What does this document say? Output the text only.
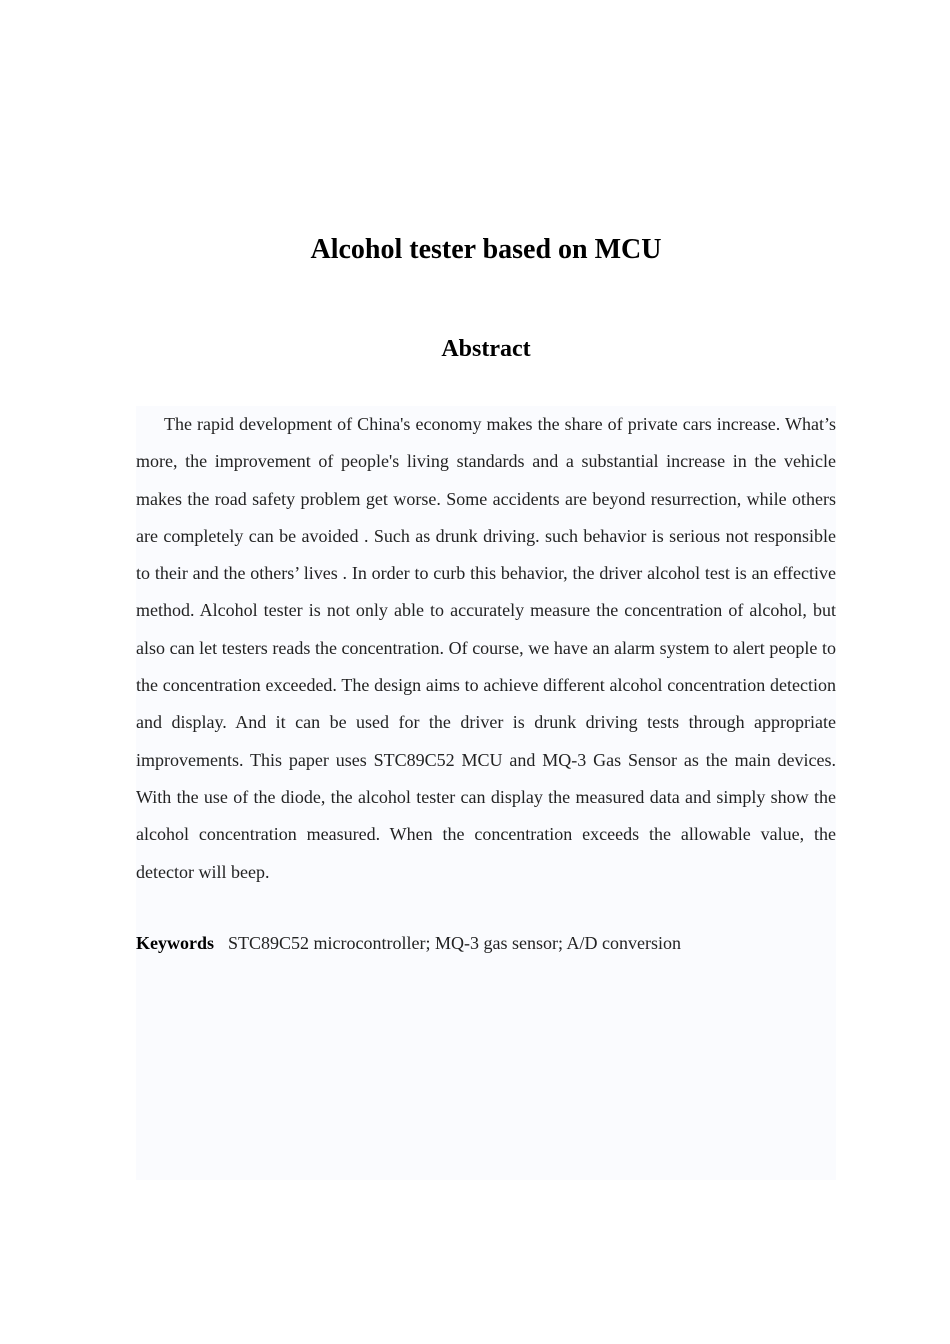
Alcohol tester based on MCU
Abstract

The rapid development of China's economy makes the share of private cars increase. What’s more, the improvement of people's living standards and a substantial increase in the vehicle makes the road safety problem get worse. Some accidents are beyond resurrection, while others are completely can be avoided . Such as drunk driving. such behavior is serious not responsible to their and the others’ lives . In order to curb this behavior, the driver alcohol test is an effective method. Alcohol tester is not only able to accurately measure the concentration of alcohol, but also can let testers reads the concentration. Of course, we have an alarm system to alert people to the concentration exceeded. The design aims to achieve different alcohol concentration detection and display. And it can be used for the driver is drunk driving tests through appropriate improvements. This paper uses STC89C52 MCU and MQ-3 Gas Sensor as the main devices. With the use of the diode, the alcohol tester can display the measured data and simply show the alcohol concentration measured. When the concentration exceeds the allowable value, the detector will beep.

Keywords STC89C52 microcontroller; MQ-3 gas sensor; A/D conversion
